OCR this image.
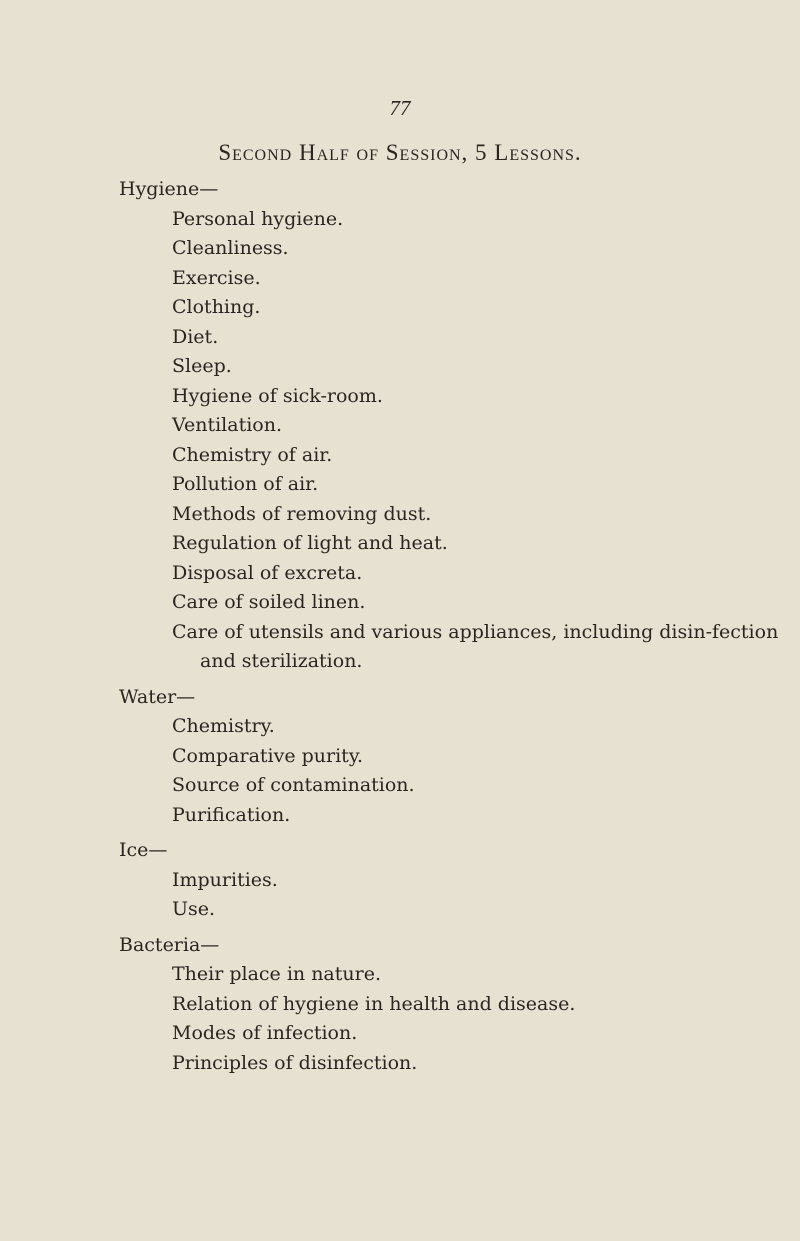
77
Second Half of Session, 5 Lessons.

Hygiene—

Personal hygiene.
Cleanliness.
Exercise.
Clothing.
Diet.
Sleep.
Hygiene of sick-room.
Ventilation.
Chemistry of air.
Pollution of air.
Methods of removing dust.
Regulation of light and heat.
Disposal of excreta.
Care of soiled linen.
Care of utensils and various appliances, including disin-fection and sterilization.

Water—

Chemistry.
Comparative purity.
Source of contamination.
Purification.

Ice—

Impurities.
Use.

Bacteria—

Their place in nature.
Relation of hygiene in health and disease.
Modes of infection.
Principles of disinfection.
